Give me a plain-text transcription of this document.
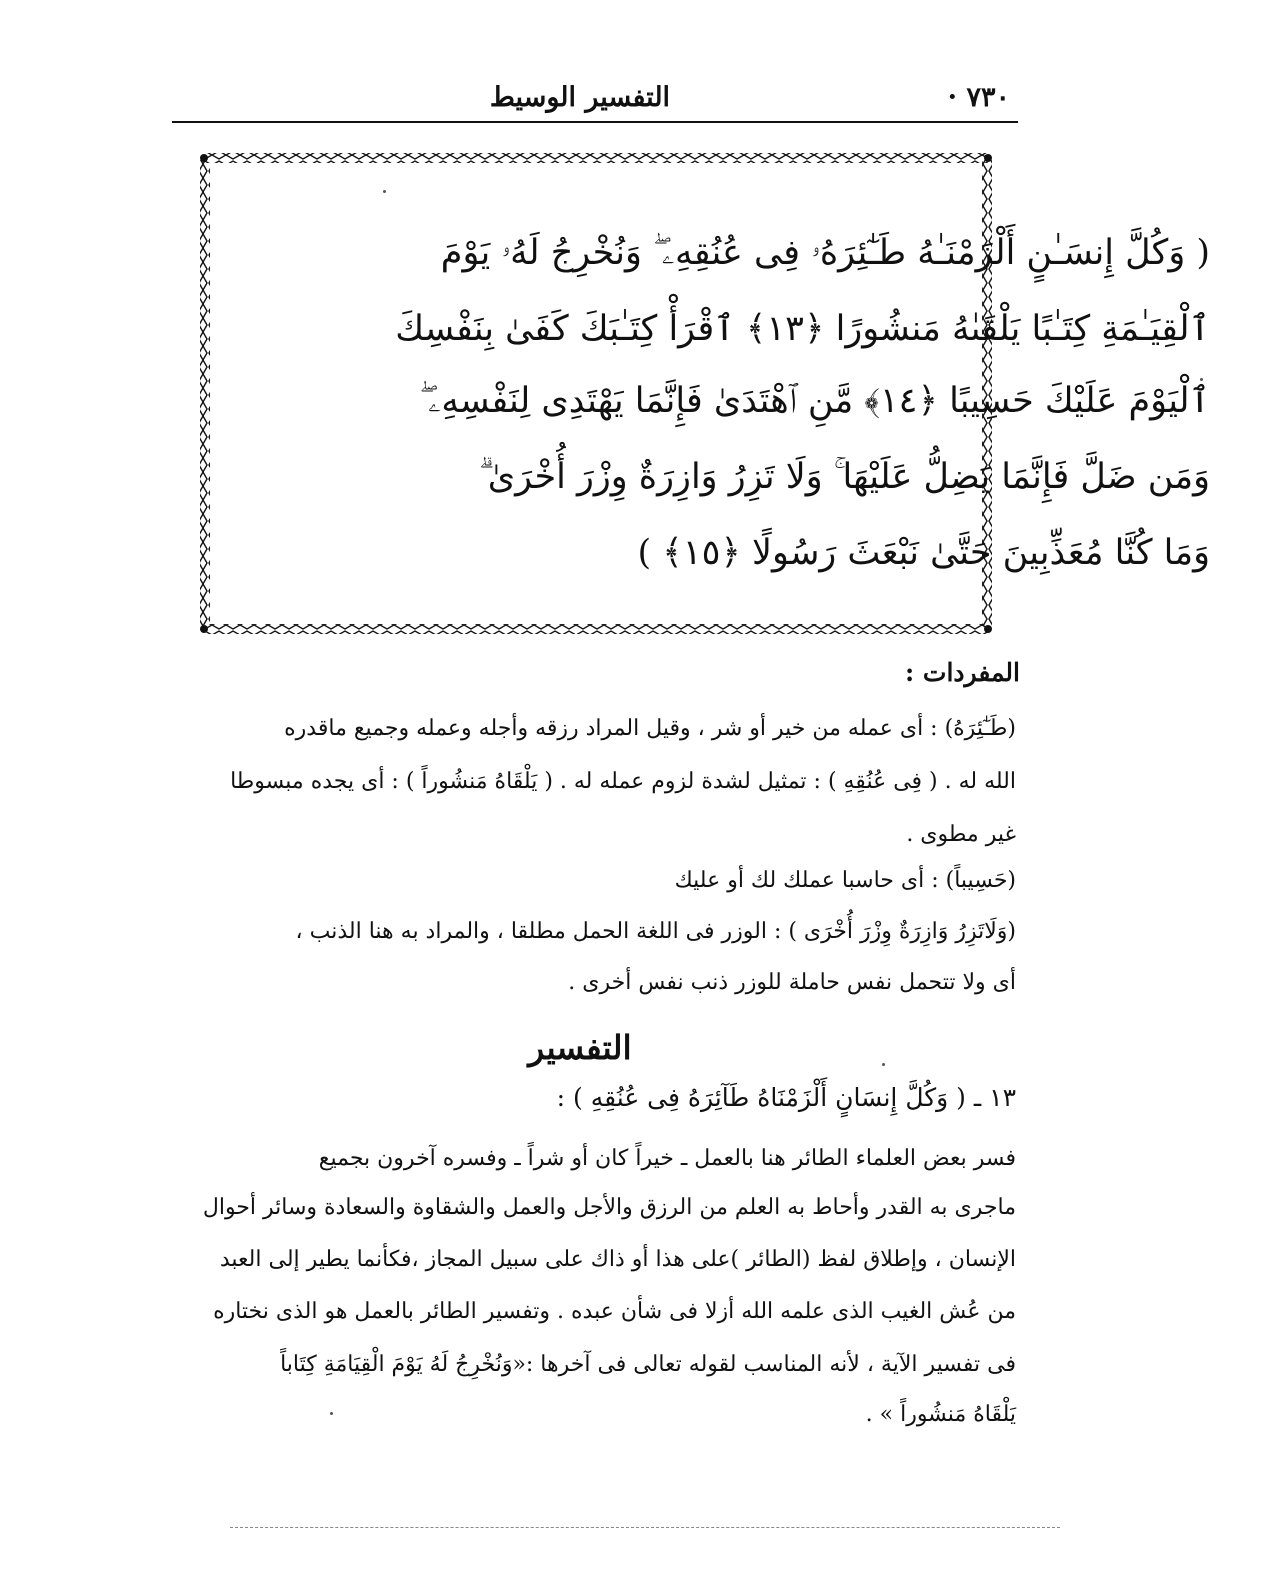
التفسير الوسيط	٧٣٠ ·
( وَكُلَّ إِنسَـٰنٍ أَلْزَمْنَـٰهُ طَـٰٓئِرَهُۥ فِى عُنُقِهِۦ ۖ وَنُخْرِجُ لَهُۥ يَوْمَ
ٱلْقِيَـٰمَةِ كِتَـٰبًا يَلْقَىٰهُ مَنشُورًا ﴿١٣﴾ ٱقْرَأْ كِتَـٰبَكَ كَفَىٰ بِنَفْسِكَ
ٱلْيَوْمَ عَلَيْكَ حَسِيبًا ﴿١٤﴾ مَّنِ ٱهْتَدَىٰ فَإِنَّمَا يَهْتَدِى لِنَفْسِهِۦ ۖ
وَمَن ضَلَّ فَإِنَّمَا يَضِلُّ عَلَيْهَا ۚ وَلَا تَزِرُ وَازِرَةٌ وِزْرَ أُخْرَىٰ ۗ
وَمَا كُنَّا مُعَذِّبِينَ حَتَّىٰ نَبْعَثَ رَسُولًا ﴿١٥﴾ )
المفردات :
(طَـٰٓئِرَهُ) : أى عمله من خير أو شر ، وقيل المراد رزقه وأجله وعمله وجميع ماقدره
الله له . ( فِى عُنُقِهِ ) : تمثيل لشدة لزوم عمله له . ( يَلْقَاهُ مَنشُوراً ) : أى يجده مبسوطا
غير مطوى .
(حَسِيباً) : أى حاسبا عملك لك أو عليك
(وَلَاتَزِرُ وَازِرَةٌ وِزْرَ أُخْرَى ) : الوزر فى اللغة الحمل مطلقا ، والمراد به هنا الذنب ،
أى ولا تتحمل نفس حاملة للوزر ذنب نفس أخرى .
التفسير
١٣ ـ ( وَكُلَّ إِنسَانٍ أَلْزَمْنَاهُ طَآئِرَهُ فِى عُنُقِهِ ) :
فسر بعض العلماء الطائر هنا بالعمل ـ خيراً كان أو شراً ـ وفسره آخرون بجميع
ماجرى به القدر وأحاط به العلم من الرزق والأجل والعمل والشقاوة والسعادة وسائر أحوال
الإنسان ، وإطلاق لفظ (الطائر )على هذا أو ذاك على سبيل المجاز ،فكأنما يطير إلى العبد
من عُش الغيب الذى علمه الله أزلا فى شأن عبده . وتفسير الطائر بالعمل هو الذى نختاره
فى تفسير الآية ، لأنه المناسب لقوله تعالى فى آخرها :«وَنُخْرِجُ لَهُ يَوْمَ الْقِيَامَةِ كِتَاباً
يَلْقَاهُ مَنشُوراً » .
